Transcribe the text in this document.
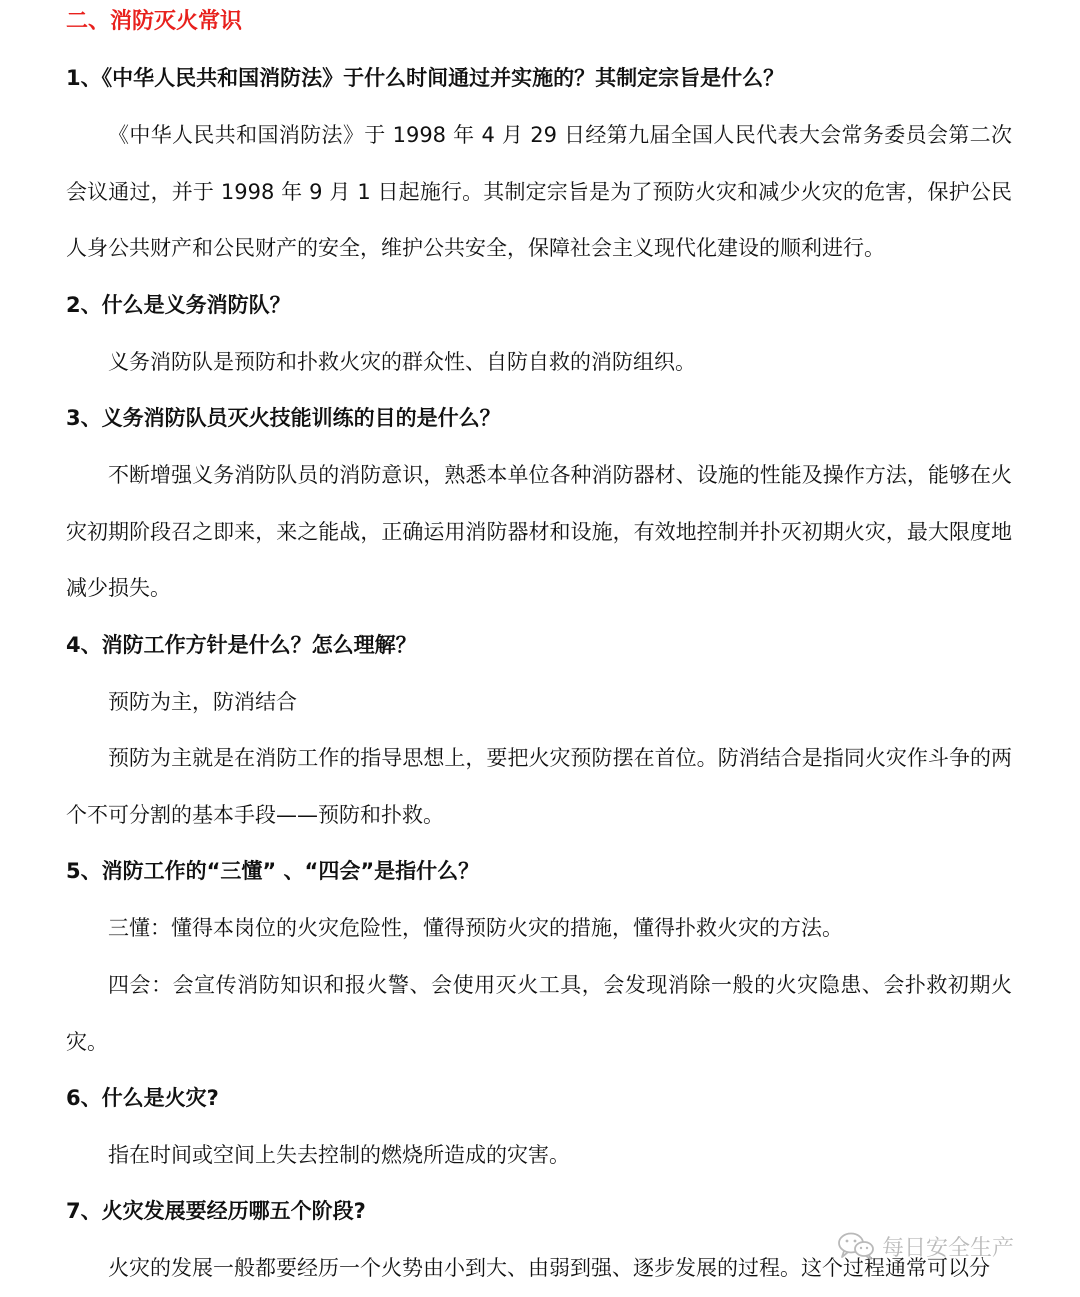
二、消防灭火常识
1、《中华人民共和国消防法》于什么时间通过并实施的？其制定宗旨是什么？

《中华人民共和国消防法》于 1998 年 4 月 29 日经第九届全国人民代表大会常务委员会第二次会议通过，并于 1998 年 9 月 1 日起施行。其制定宗旨是为了预防火灾和减少火灾的危害，保护公民人身公共财产和公民财产的安全，维护公共安全，保障社会主义现代化建设的顺利进行。

2、什么是义务消防队？

义务消防队是预防和扑救火灾的群众性、自防自救的消防组织。

3、义务消防队员灭火技能训练的目的是什么？

不断增强义务消防队员的消防意识，熟悉本单位各种消防器材、设施的性能及操作方法，能够在火灾初期阶段召之即来，来之能战，正确运用消防器材和设施，有效地控制并扑灭初期火灾，最大限度地减少损失。

4、消防工作方针是什么？怎么理解？

预防为主，防消结合

预防为主就是在消防工作的指导思想上，要把火灾预防摆在首位。防消结合是指同火灾作斗争的两个不可分割的基本手段——预防和扑救。

5、消防工作的“三懂” 、“四会”是指什么？

三懂：懂得本岗位的火灾危险性，懂得预防火灾的措施，懂得扑救火灾的方法。

四会：会宣传消防知识和报火警、会使用灭火工具，会发现消除一般的火灾隐患、会扑救初期火灾。

6、什么是火灾?

指在时间或空间上失去控制的燃烧所造成的灾害。

7、火灾发展要经历哪五个阶段?

火灾的发展一般都要经历一个火势由小到大、由弱到强、逐步发展的过程。这个过程通常可以分

每日安全生产
